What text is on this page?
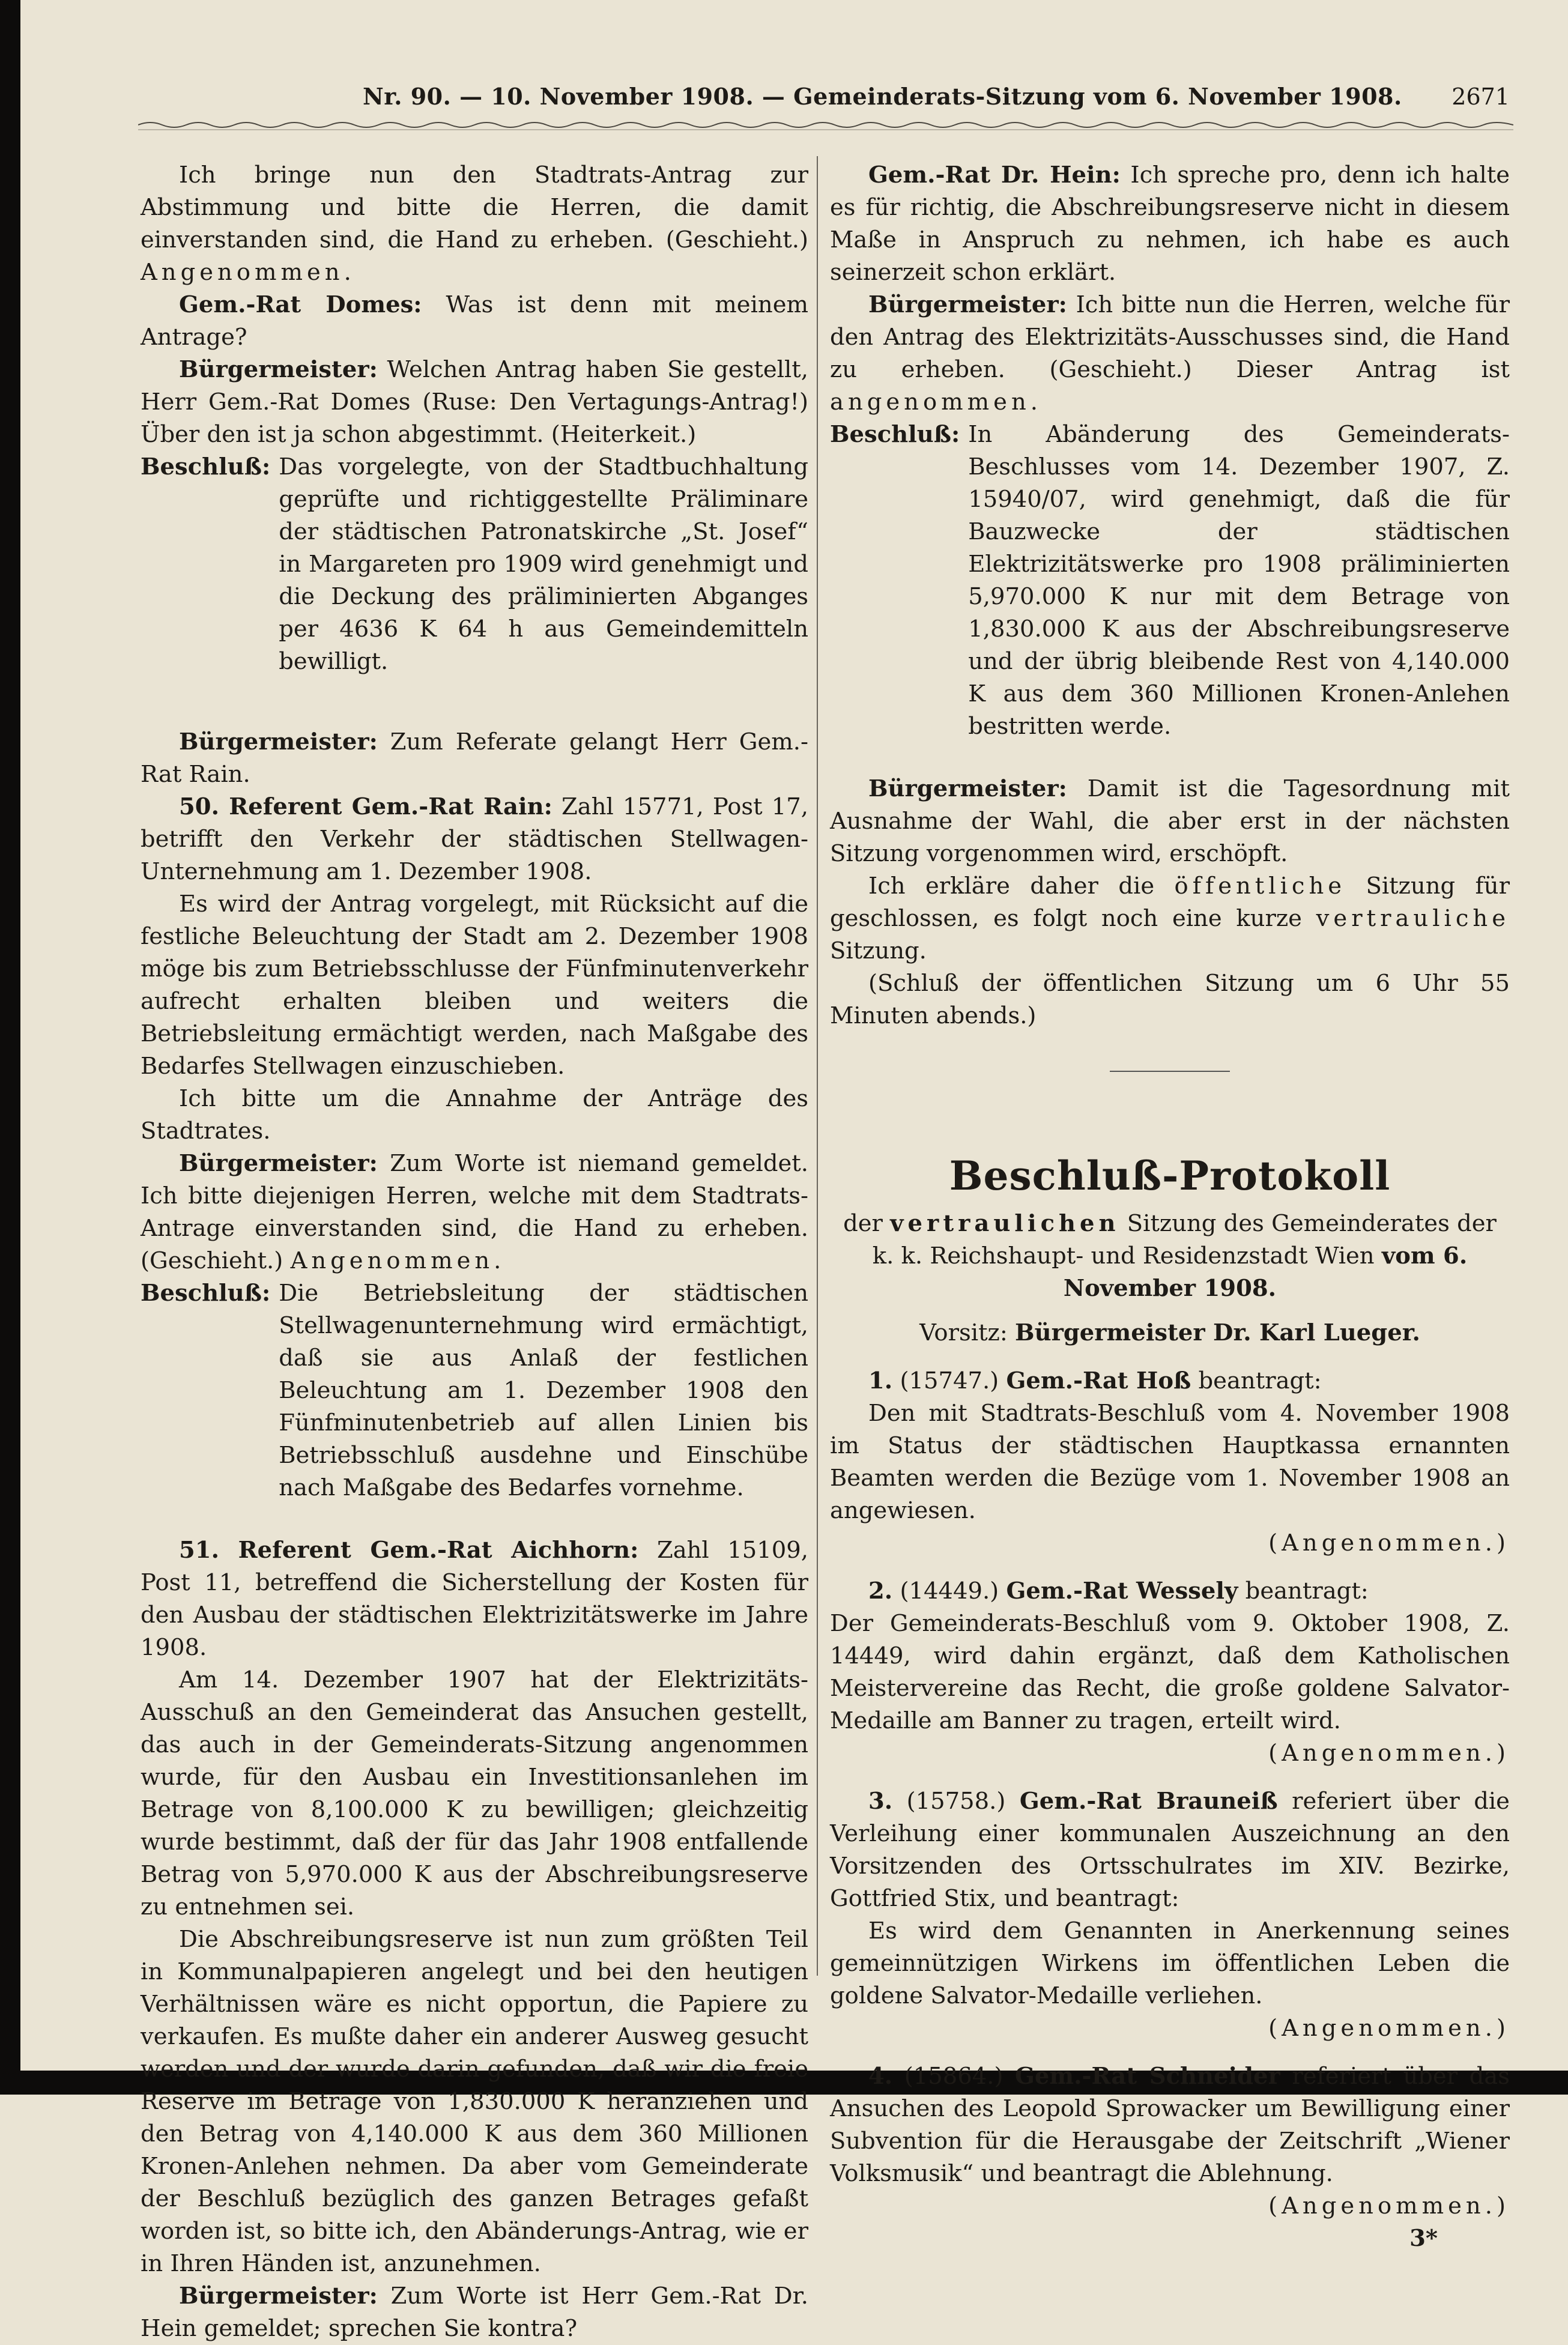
Nr. 90. — 10. November 1908. — Gemeinderats-Sitzung vom 6. November 1908. 2671

Ich bringe nun den Stadtrats-Antrag zur Abstimmung und bitte die Herren, die damit einverstanden sind, die Hand zu erheben. (Geschieht.) Angenommen.

Gem.-Rat Domes: Was ist denn mit meinem Antrage?

Bürgermeister: Welchen Antrag haben Sie gestellt, Herr Gem.-Rat Domes (Ruse: Den Vertagungs-Antrag!) Über den ist ja schon abgestimmt. (Heiterkeit.)

Beschluß: Das vorgelegte, von der Stadtbuchhaltung geprüfte und richtiggestellte Präliminare der städtischen Patronatskirche „St. Josef“ in Margareten pro 1909 wird genehmigt und die Deckung des präliminierten Abganges per 4636 K 64 h aus Gemeindemitteln bewilligt.

Bürgermeister: Zum Referate gelangt Herr Gem.-Rat Rain.

50. Referent Gem.-Rat Rain: Zahl 15771, Post 17, betrifft den Verkehr der städtischen Stellwagen-Unternehmung am 1. Dezember 1908.

Es wird der Antrag vorgelegt, mit Rücksicht auf die festliche Beleuchtung der Stadt am 2. Dezember 1908 möge bis zum Betriebsschlusse der Fünfminutenverkehr aufrecht erhalten bleiben und weiters die Betriebsleitung ermächtigt werden, nach Maßgabe des Bedarfes Stellwagen einzuschieben.

Ich bitte um die Annahme der Anträge des Stadtrates.

Bürgermeister: Zum Worte ist niemand gemeldet. Ich bitte diejenigen Herren, welche mit dem Stadtrats-Antrage einverstanden sind, die Hand zu erheben. (Geschieht.) Angenommen.

Beschluß: Die Betriebsleitung der städtischen Stellwagenunternehmung wird ermächtigt, daß sie aus Anlaß der festlichen Beleuchtung am 1. Dezember 1908 den Fünfminutenbetrieb auf allen Linien bis Betriebsschluß ausdehne und Einschübe nach Maßgabe des Bedarfes vornehme.

51. Referent Gem.-Rat Aichhorn: Zahl 15109, Post 11, betreffend die Sicherstellung der Kosten für den Ausbau der städtischen Elektrizitätswerke im Jahre 1908.

Am 14. Dezember 1907 hat der Elektrizitäts-Ausschuß an den Gemeinderat das Ansuchen gestellt, das auch in der Gemeinderats-Sitzung angenommen wurde, für den Ausbau ein Investitionsanlehen im Betrage von 8,100.000 K zu bewilligen; gleichzeitig wurde bestimmt, daß der für das Jahr 1908 entfallende Betrag von 5,970.000 K aus der Abschreibungsreserve zu entnehmen sei.

Die Abschreibungsreserve ist nun zum größten Teil in Kommunalpapieren angelegt und bei den heutigen Verhältnissen wäre es nicht opportun, die Papiere zu verkaufen. Es mußte daher ein anderer Ausweg gesucht werden und der wurde darin gefunden, daß wir die freie Reserve im Betrage von 1,830.000 K heranziehen und den Betrag von 4,140.000 K aus dem 360 Millionen Kronen-Anlehen nehmen. Da aber vom Gemeinderate der Beschluß bezüglich des ganzen Betrages gefaßt worden ist, so bitte ich, den Abänderungs-Antrag, wie er in Ihren Händen ist, anzunehmen.

Bürgermeister: Zum Worte ist Herr Gem.-Rat Dr. Hein gemeldet; sprechen Sie kontra?

Gem.-Rat Dr. Hein: Ich spreche pro, denn ich halte es für richtig, die Abschreibungsreserve nicht in diesem Maße in Anspruch zu nehmen, ich habe es auch seinerzeit schon erklärt.

Bürgermeister: Ich bitte nun die Herren, welche für den Antrag des Elektrizitäts-Ausschusses sind, die Hand zu erheben. (Geschieht.) Dieser Antrag ist angenommen.

Beschluß: In Abänderung des Gemeinderats-Beschlusses vom 14. Dezember 1907, Z. 15940/07, wird genehmigt, daß die für Bauzwecke der städtischen Elektrizitätswerke pro 1908 präliminierten 5,970.000 K nur mit dem Betrage von 1,830.000 K aus der Abschreibungsreserve und der übrig bleibende Rest von 4,140.000 K aus dem 360 Millionen Kronen-Anlehen bestritten werde.

Bürgermeister: Damit ist die Tagesordnung mit Ausnahme der Wahl, die aber erst in der nächsten Sitzung vorgenommen wird, erschöpft.

Ich erkläre daher die öffentliche Sitzung für geschlossen, es folgt noch eine kurze vertrauliche Sitzung.

(Schluß der öffentlichen Sitzung um 6 Uhr 55 Minuten abends.)

Beschluß-Protokoll

der vertraulichen Sitzung des Gemeinderates der k. k. Reichshaupt- und Residenzstadt Wien vom 6. November 1908.

Vorsitz: Bürgermeister Dr. Karl Lueger.

1. (15747.) Gem.-Rat Hoß beantragt:

Den mit Stadtrats-Beschluß vom 4. November 1908 im Status der städtischen Hauptkassa ernannten Beamten werden die Bezüge vom 1. November 1908 an angewiesen.

(Angenommen.)

2. (14449.) Gem.-Rat Wessely beantragt:

Der Gemeinderats-Beschluß vom 9. Oktober 1908, Z. 14449, wird dahin ergänzt, daß dem Katholischen Meistervereine das Recht, die große goldene Salvator-Medaille am Banner zu tragen, erteilt wird.

(Angenommen.)

3. (15758.) Gem.-Rat Brauneiß referiert über die Verleihung einer kommunalen Auszeichnung an den Vorsitzenden des Ortsschulrates im XIV. Bezirke, Gottfried Stix, und beantragt:

Es wird dem Genannten in Anerkennung seines gemeinnützigen Wirkens im öffentlichen Leben die goldene Salvator-Medaille verliehen.

(Angenommen.)

4. (15864.) Gem.-Rat Schneider referiert über das Ansuchen des Leopold Sprowacker um Bewilligung einer Subvention für die Herausgabe der Zeitschrift „Wiener Volksmusik“ und beantragt die Ablehnung.

(Angenommen.)

3*
